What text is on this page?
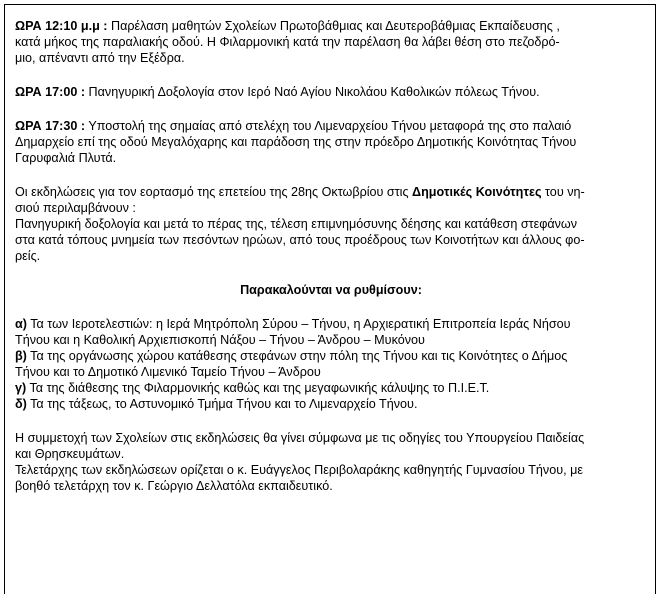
ΩΡΑ 12:10 μ.μ : Παρέλαση μαθητών Σχολείων Πρωτοβάθμιας και Δευτεροβάθμιας Εκπαίδευσης ,

κατά μήκος της παραλιακής οδού. Η Φιλαρμονική κατά την παρέλαση θα λάβει θέση στο πεζοδρό-

μιο, απέναντι από την Εξέδρα.

ΩΡΑ 17:00 : Πανηγυρική Δοξολογία στον Ιερό Ναό Αγίου Νικολάου Καθολικών πόλεως Τήνου.

ΩΡΑ 17:30 : Υποστολή της σημαίας από στελέχη του Λιμεναρχείου Τήνου μεταφορά της στο παλαιό

Δημαρχείο επί της οδού Μεγαλόχαρης και παράδοση της στην πρόεδρο Δημοτικής Κοινότητας Τήνου

Γαρυφαλιά Πλυτά.

Οι εκδηλώσεις για τον εορτασμό της επετείου της 28ης Οκτωβρίου στις Δημοτικές Κοινότητες του νη-

σιού περιλαμβάνουν :

Πανηγυρική δοξολογία και μετά το πέρας της, τέλεση επιμνημόσυνης δέησης και κατάθεση στεφάνων

στα κατά τόπους μνημεία των πεσόντων ηρώων, από τους προέδρους των Κοινοτήτων και άλλους φο-

ρείς.

Παρακαλούνται να ρυθμίσουν:

α) Τα των Ιεροτελεστιών: η Ιερά Μητρόπολη Σύρου – Τήνου, η Αρχιερατική Επιτροπεία Ιεράς Νήσου

Τήνου και η Καθολική Αρχιεπισκοπή Νάξου – Τήνου – Άνδρου – Μυκόνου

β) Τα της οργάνωσης χώρου κατάθεσης στεφάνων στην πόλη της Τήνου και τις Κοινότητες ο Δήμος

Τήνου και το Δημοτικό Λιμενικό Ταμείο Τήνου – Άνδρου

γ) Τα της διάθεσης της Φιλαρμονικής καθώς και της μεγαφωνικής κάλυψης το Π.Ι.Ε.Τ.

δ) Τα της τάξεως, το Αστυνομικό Τμήμα Τήνου και το Λιμεναρχείο Τήνου.

Η συμμετοχή των Σχολείων στις εκδηλώσεις θα γίνει σύμφωνα με τις οδηγίες του Υπουργείου Παιδείας

και Θρησκευμάτων.

Τελετάρχης των εκδηλώσεων ορίζεται ο κ. Ευάγγελος Περιβολαράκης καθηγητής Γυμνασίου Τήνου, με

βοηθό τελετάρχη τον κ. Γεώργιο Δελλατόλα εκπαιδευτικό.
